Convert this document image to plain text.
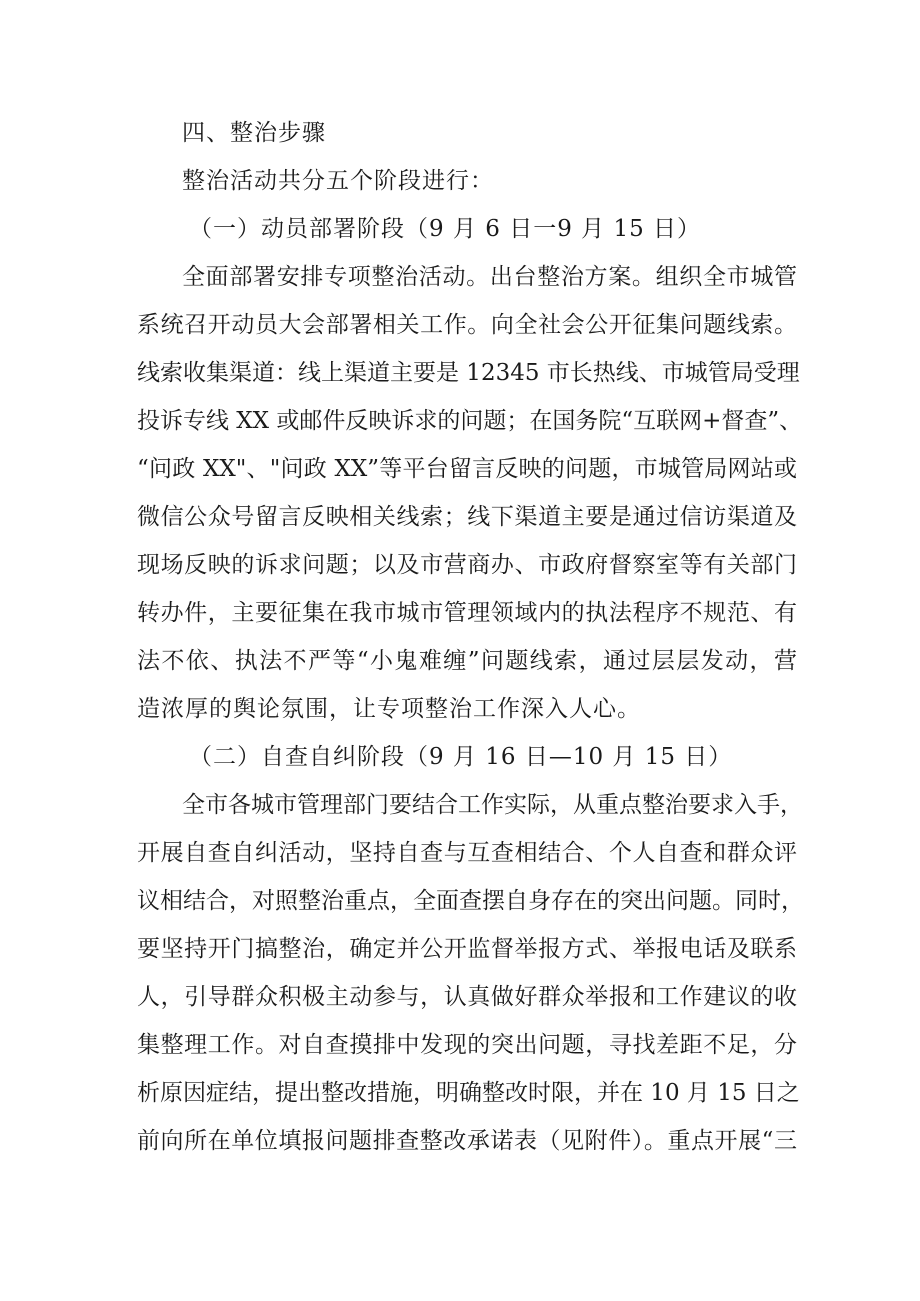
四、整治步骤
整治活动共分五个阶段进行：
（一）动员部署阶段（9 月 6 日一9 月 15 日）
全面部署安排专项整治活动。出台整治方案。组织全市城管
系统召开动员大会部署相关工作。向全社会公开征集问题线索。
线索收集渠道：线上渠道主要是 12345 市长热线、市城管局受理
投诉专线 XX 或邮件反映诉求的问题；在国务院“互联网+督查”、
“问政 XX"、"问政 XX”等平台留言反映的问题，市城管局网站或
微信公众号留言反映相关线索；线下渠道主要是通过信访渠道及
现场反映的诉求问题；以及市营商办、市政府督察室等有关部门
转办件，主要征集在我市城市管理领域内的执法程序不规范、有
法不依、执法不严等“小鬼难缠”问题线索，通过层层发动，营
造浓厚的舆论氛围，让专项整治工作深入人心。
（二）自查自纠阶段（9 月 16 日—10 月 15 日）
全市各城市管理部门要结合工作实际，从重点整治要求入手，
开展自查自纠活动，坚持自查与互查相结合、个人自查和群众评
议相结合，对照整治重点，全面查摆自身存在的突出问题。同时，
要坚持开门搞整治，确定并公开监督举报方式、举报电话及联系
人，引导群众积极主动参与，认真做好群众举报和工作建议的收
集整理工作。对自查摸排中发现的突出问题，寻找差距不足，分
析原因症结，提出整改措施，明确整改时限，并在 10 月 15 日之
前向所在单位填报问题排查整改承诺表（见附件）。重点开展“三
